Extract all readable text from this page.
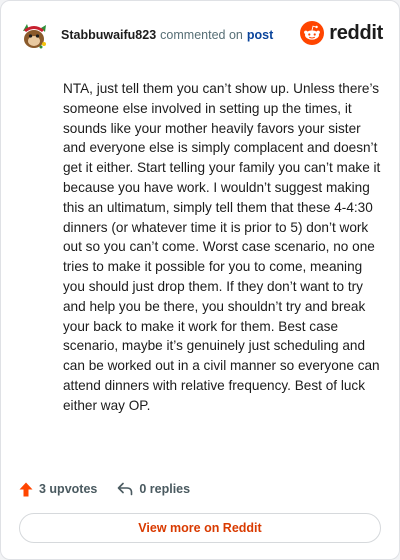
Stabbuwaifu823 commented on post	reddit
NTA, just tell them you can’t show up. Unless there’s someone else involved in setting up the times, it sounds like your mother heavily favors your sister and everyone else is simply complacent and doesn’t get it either. Start telling your family you can’t make it because you have work. I wouldn’t suggest making this an ultimatum, simply tell them that these 4-4:30 dinners (or whatever time it is prior to 5) don’t work out so you can’t come. Worst case scenario, no one tries to make it possible for you to come, meaning you should just drop them. If they don’t want to try and help you be there, you shouldn’t try and break your back to make it work for them. Best case scenario, maybe it’s genuinely just scheduling and can be worked out in a civil manner so everyone can attend dinners with relative frequency. Best of luck either way OP.
3 upvotes	0 replies
View more on Reddit
